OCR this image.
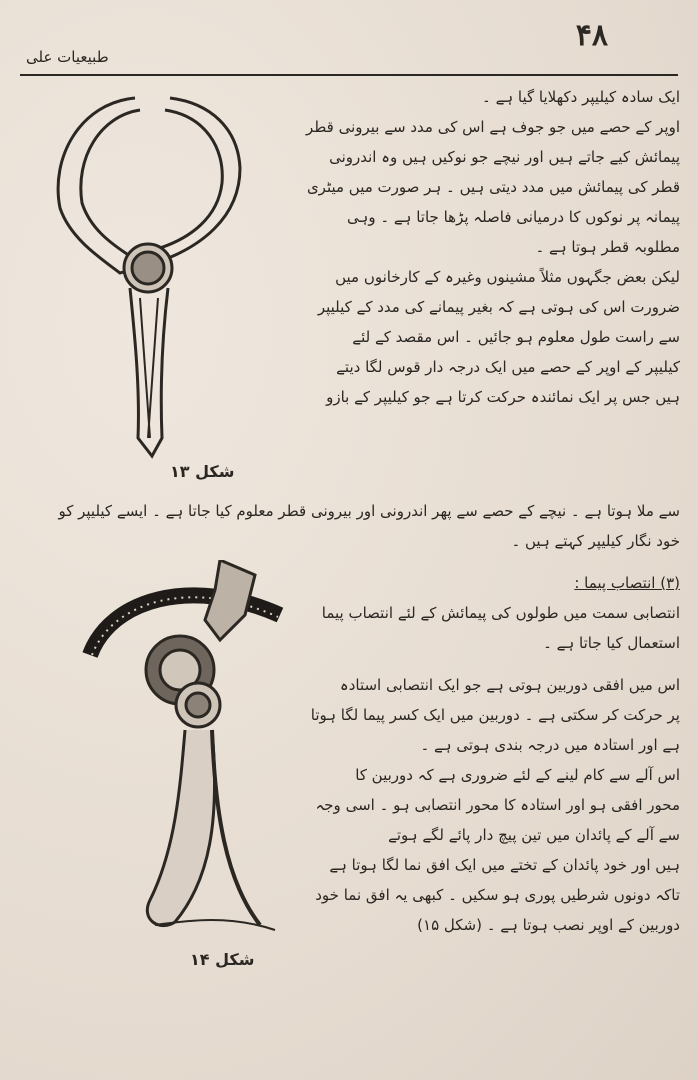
۴۸
طبیعیات علی
شکل ۱۳
شکل ۱۴
ایک سادہ کیلیپر دکھلایا گیا ہے ۔
اوپر کے حصے میں جو جوف ہے اس کی مدد سے بیرونی قطر
پیمائش کیے جاتے ہیں اور نیچے جو نوکیں ہیں وہ اندرونی
قطر کی پیمائش میں مدد دیتی ہیں ۔ ہر صورت میں میٹری
پیمانہ پر نوکوں کا درمیانی فاصلہ پڑھا جاتا ہے ۔ وہی
مطلوبہ قطر ہوتا ہے ۔
لیکن بعض جگہوں مثلاً مشینوں وغیرہ کے کارخانوں میں
ضرورت اس کی ہوتی ہے کہ بغیر پیمانے کی مدد کے کیلیپر
سے راست طول معلوم ہو جائیں ۔ اس مقصد کے لئے
کیلیپر کے اوپر کے حصے میں ایک درجہ دار قوس لگا دیتے
ہیں جس پر ایک نمائندہ حرکت کرتا ہے جو کیلیپر کے بازو
سے ملا ہوتا ہے ۔ نیچے کے حصے سے پھر اندرونی اور بیرونی قطر معلوم کیا جاتا ہے ۔ ایسے کیلیپر کو
خود نگار کیلیپر کہتے ہیں ۔
(۳) انتصاب پیما :
انتصابی سمت میں طولوں کی پیمائش کے لئے انتصاب پیما
استعمال کیا جاتا ہے ۔
اس میں افقی دوربین ہوتی ہے جو ایک انتصابی استادہ
پر حرکت کر سکتی ہے ۔ دوربین میں ایک کسر پیما لگا ہوتا
ہے اور استادہ میں درجہ بندی ہوتی ہے ۔
اس آلے سے کام لینے کے لئے ضروری ہے کہ دوربین کا
محور افقی ہو اور استادہ کا محور انتصابی ہو ۔ اسی وجہ
سے آلے کے پائدان میں تین پیچ دار پائے لگے ہوتے
ہیں اور خود پائدان کے تختے میں ایک افق نما لگا ہوتا ہے
تاکہ دونوں شرطیں پوری ہو سکیں ۔ کبھی یہ افق نما خود
دوربین کے اوپر نصب ہوتا ہے ۔ (شکل ۱۵)
